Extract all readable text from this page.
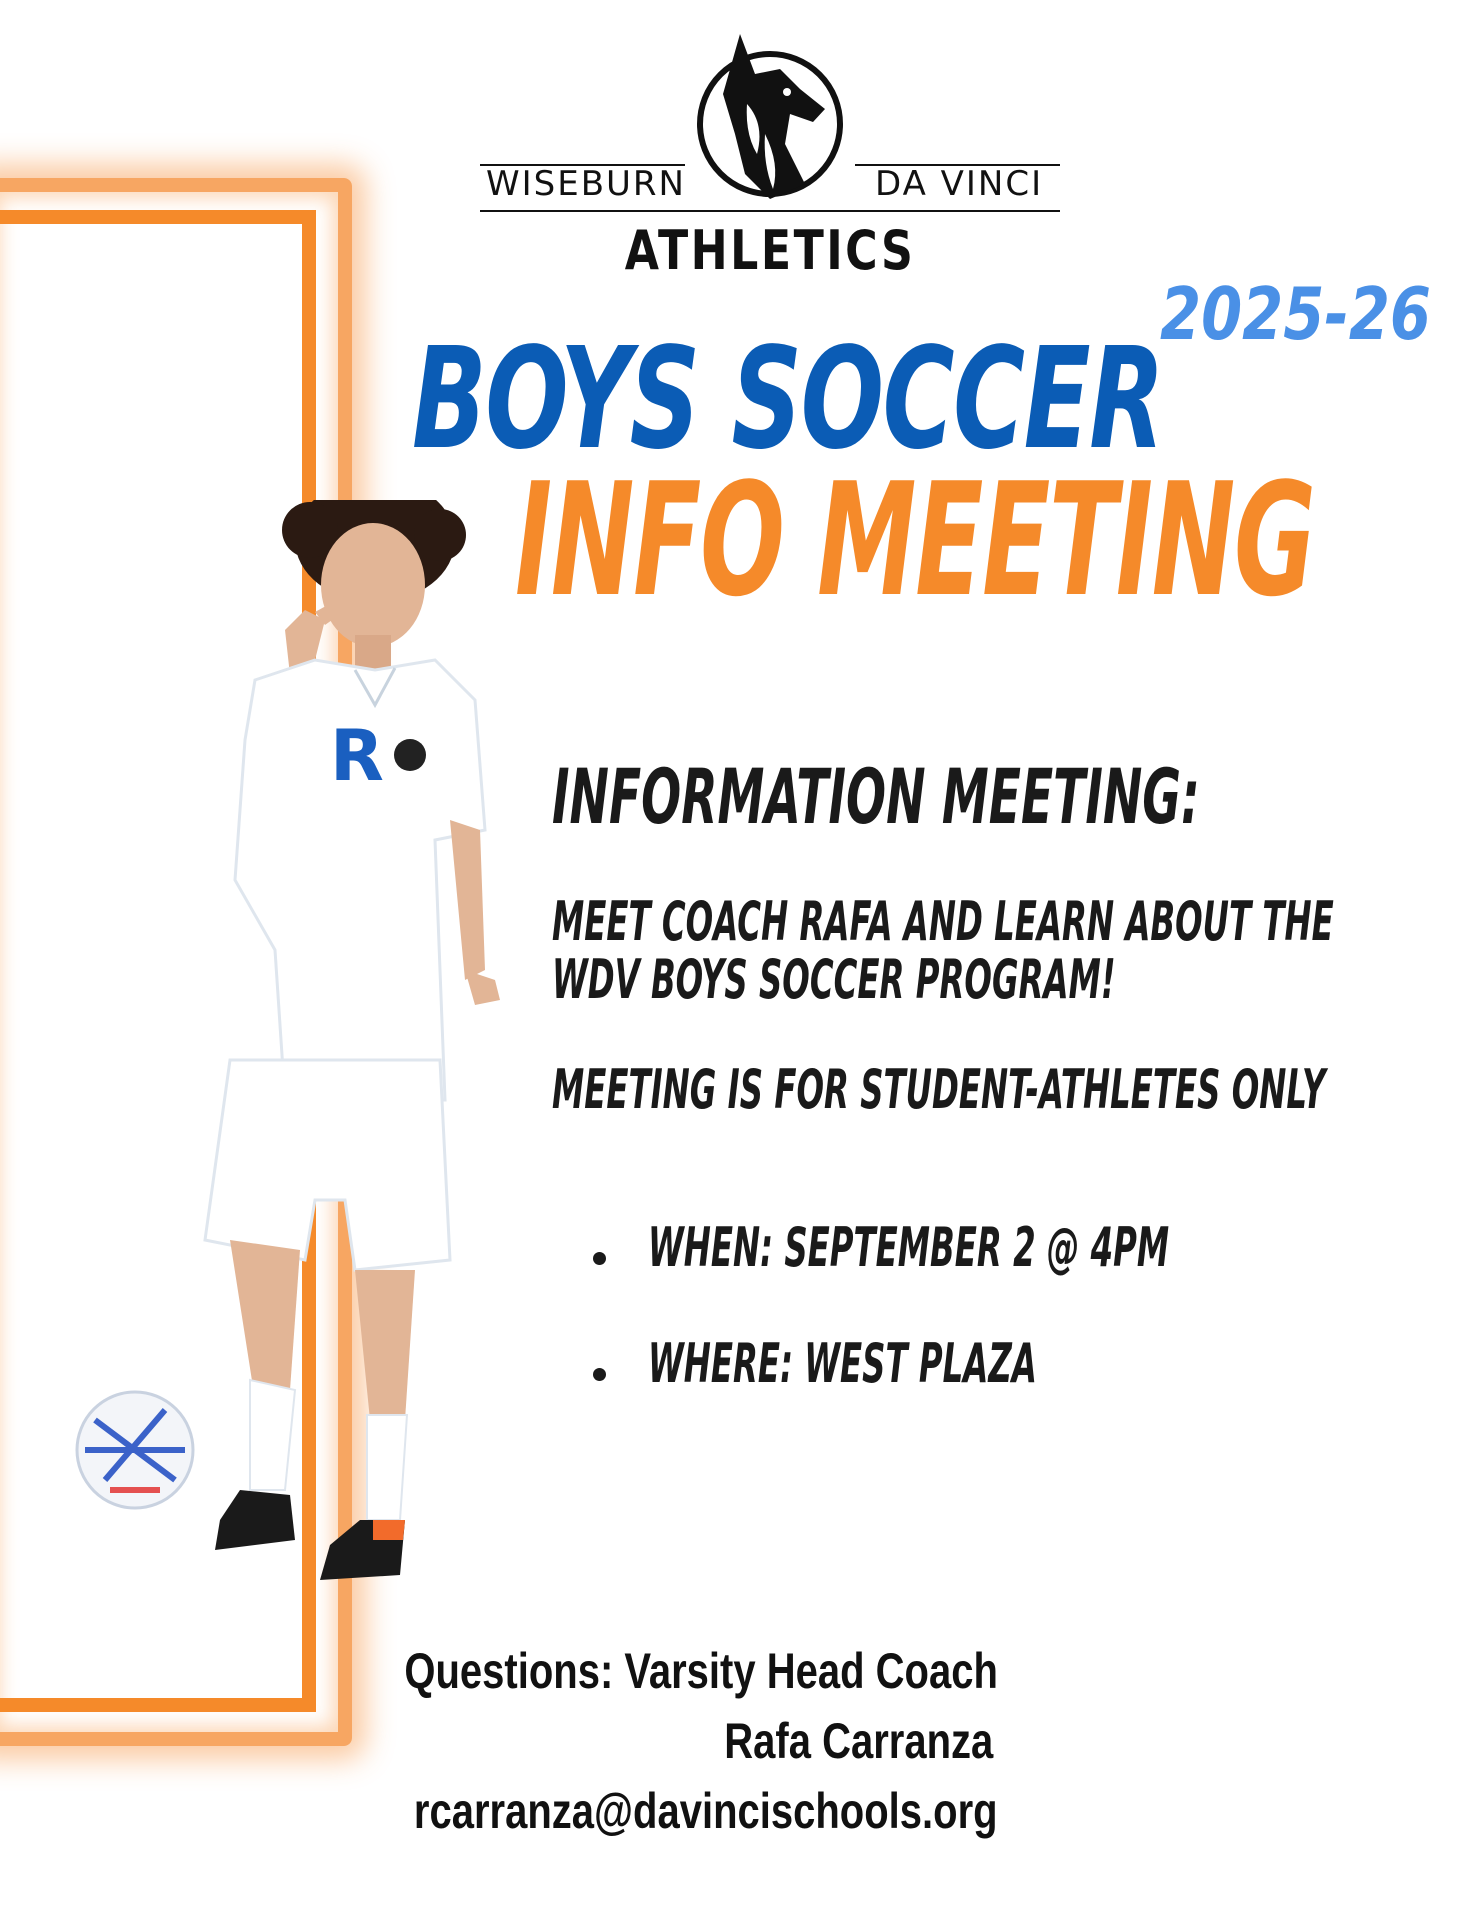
WISEBURN	DA VINCI
ATHLETICS
2025-26
BOYS SOCCER
INFO MEETING
R INFORMATION MEETING:
MEET COACH RAFA AND LEARN ABOUT THE
WDV BOYS SOCCER PROGRAM!
MEETING IS FOR STUDENT-ATHLETES ONLY
WHEN: SEPTEMBER 2 @ 4PM
WHERE: WEST PLAZA
Questions: Varsity Head Coach
Rafa Carranza
rcarranza@davincischools.org
